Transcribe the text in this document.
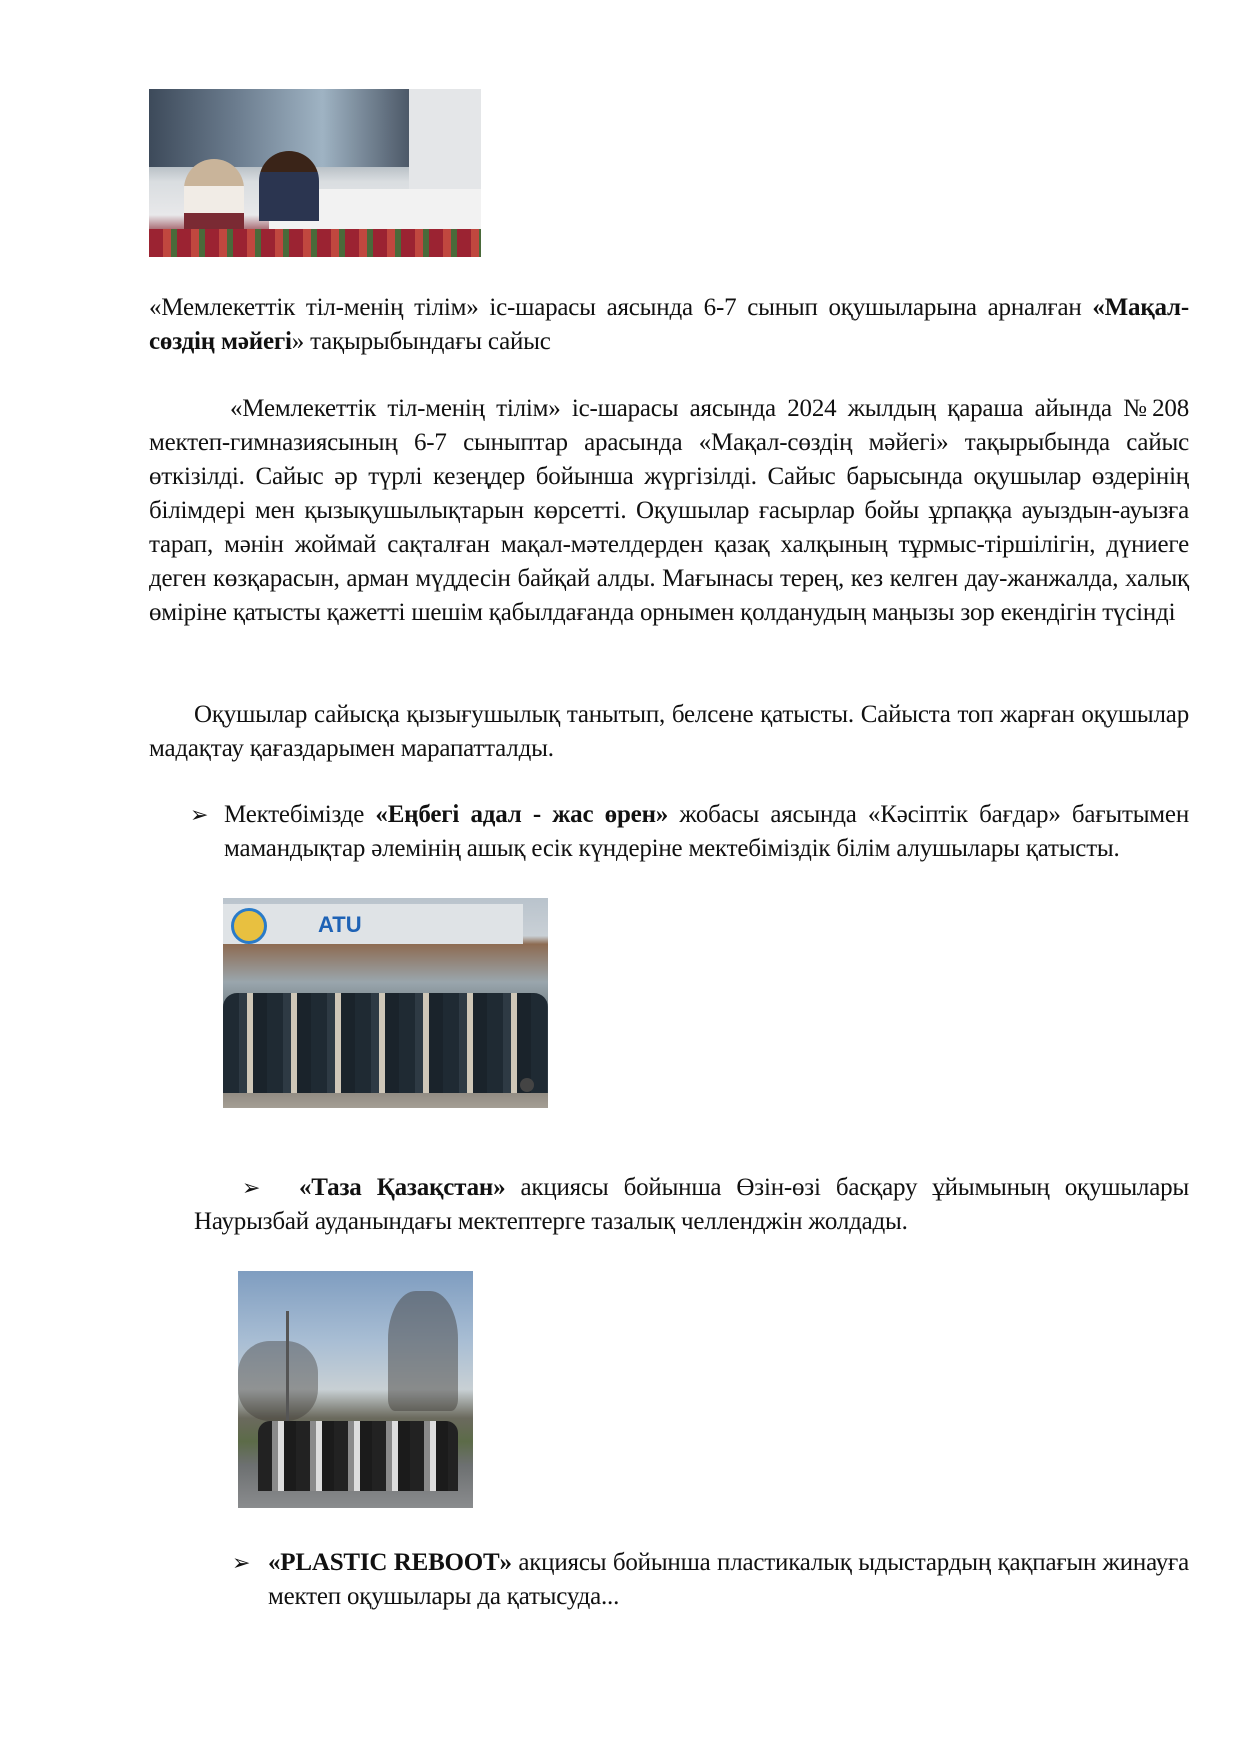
«Мемлекеттік тіл-менің тілім» іс-шарасы аясында 6-7 сынып оқушыларына арналған «Мақал-сөздің мәйегі» тақырыбындағы сайыс
«Мемлекеттік тіл-менің тілім» іс-шарасы аясында 2024 жылдың қараша айында №208 мектеп-гимназиясының 6-7 сыныптар арасында «Мақал-сөздің мәйегі» тақырыбында сайыс өткізілді. Сайыс әр түрлі кезеңдер бойынша жүргізілді. Сайыс барысында оқушылар өздерінің білімдері мен қызықушылықтарын көрсетті. Оқушылар ғасырлар бойы ұрпаққа ауыздын-ауызға тарап, мәнін жоймай сақталған мақал-мәтелдерден қазақ халқының тұрмыс-тіршілігін, дүниеге деген көзқарасын, арман мүддесін байқай алды. Мағынасы терең, кез келген дау-жанжалда, халық өміріне қатысты қажетті шешім қабылдағанда орнымен қолданудың маңызы зор екендігін түсінді
Оқушылар сайысқа қызығушылық танытып, белсене қатысты. Сайыста топ жарған оқушылар мадақтау қағаздарымен марапатталды.
➢ Мектебімізде «Еңбегі адал - жас өрен» жобасы аясында «Кәсіптік бағдар» бағытымен мамандықтар әлемінің ашық есік күндеріне мектебіміздік білім алушылары қатысты.
ATU
➢	«Таза Қазақстан» акциясы бойынша Өзін-өзі басқару ұйымының оқушылары Наурызбай ауданындағы мектептерге тазалық челленджін жолдады.
➢ «PLASTIC REBOOT» акциясы бойынша пластикалық ыдыстардың қақпағын жинауға мектеп оқушылары да қатысуда...
